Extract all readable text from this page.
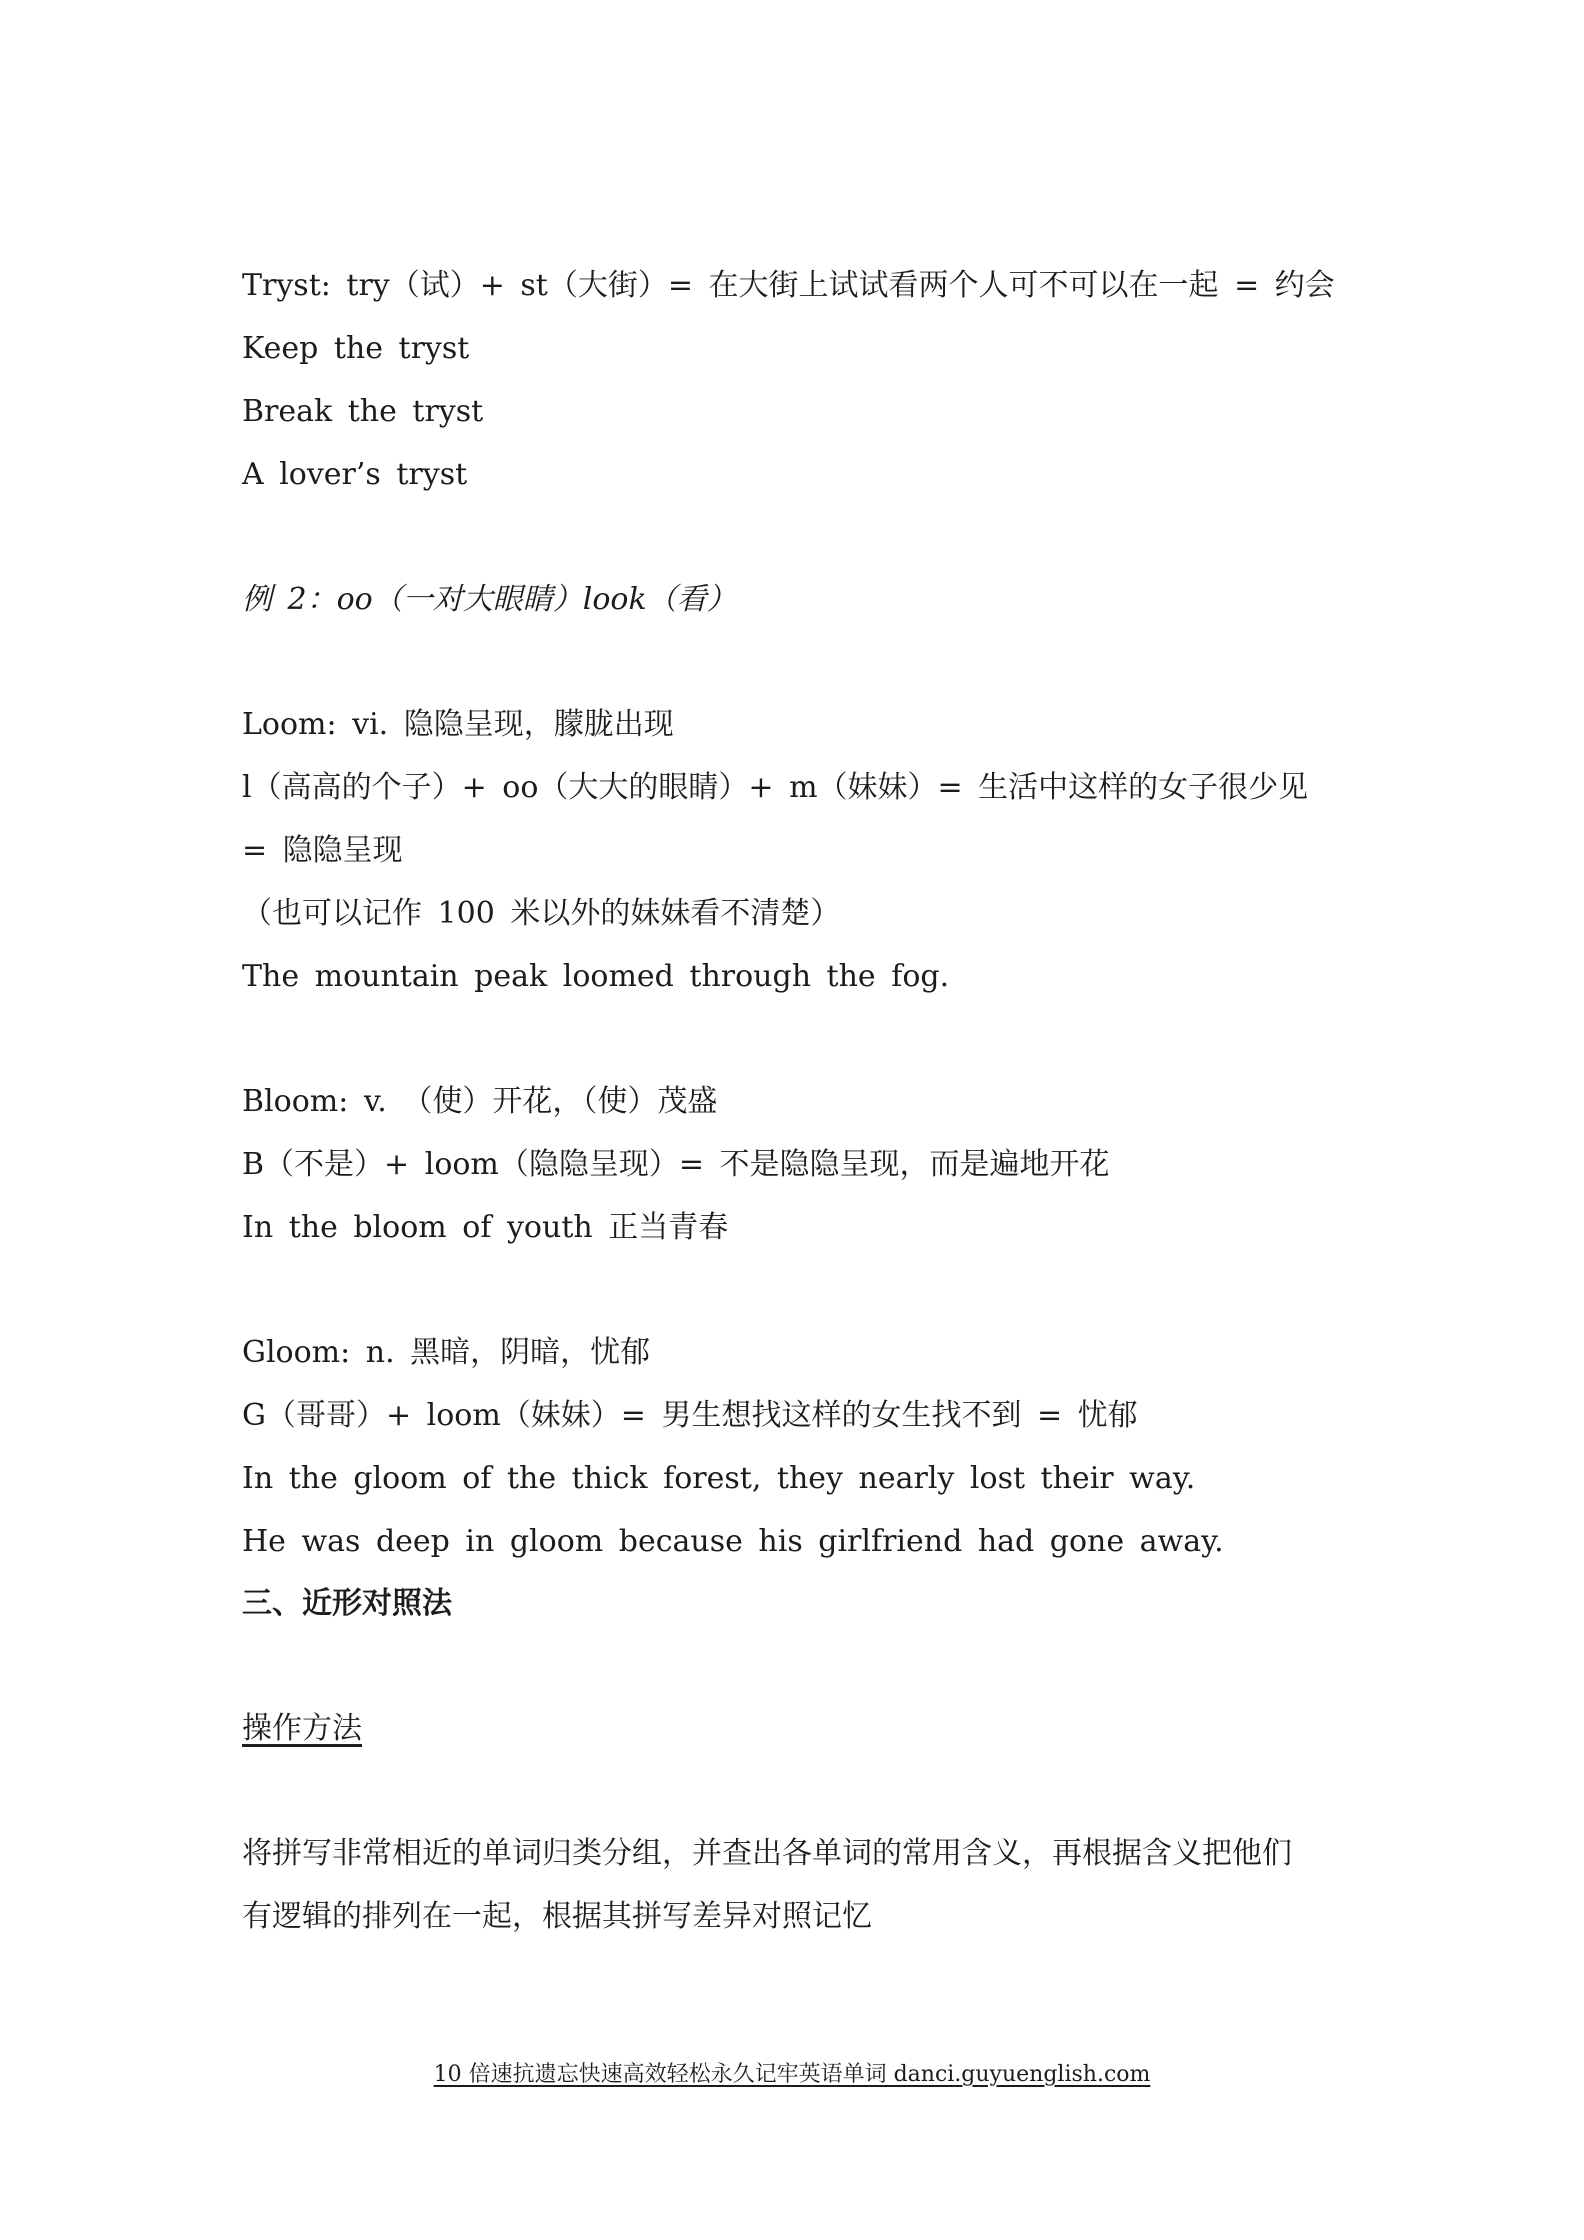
Tryst: try（试）+ st（大街）= 在大街上试试看两个人可不可以在一起 = 约会
Keep the tryst
Break the tryst
A lover’s tryst
例 2：oo（一对大眼睛）look（看）
Loom: vi. 隐隐呈现，朦胧出现
l（高高的个子）+ oo（大大的眼睛）+ m（妹妹）= 生活中这样的女子很少见
= 隐隐呈现
（也可以记作 100 米以外的妹妹看不清楚）
The mountain peak loomed through the fog.
Bloom: v. （使）开花，（使）茂盛
B（不是）+ loom（隐隐呈现）= 不是隐隐呈现，而是遍地开花
In the bloom of youth 正当青春
Gloom: n. 黑暗，阴暗，忧郁
G（哥哥）+ loom（妹妹）= 男生想找这样的女生找不到 = 忧郁
In the gloom of the thick forest, they nearly lost their way.
He was deep in gloom because his girlfriend had gone away.
三、近形对照法
操作方法
将拼写非常相近的单词归类分组，并查出各单词的常用含义，再根据含义把他们
有逻辑的排列在一起，根据其拼写差异对照记忆
10 倍速抗遗忘快速高效轻松永久记牢英语单词 danci.guyuenglish.com
